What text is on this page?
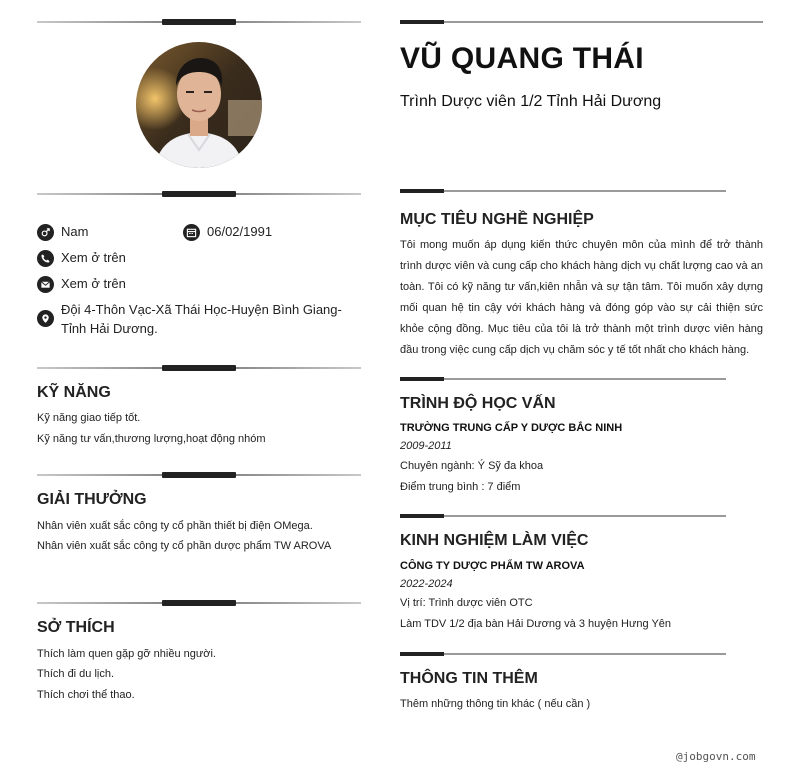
Nam	06/02/1991
Xem ở trên
Xem ở trên
Đội 4-Thôn Vạc-Xã Thái Học-Huyện Bình Giang-Tỉnh Hải Dương.
KỸ NĂNG
Kỹ năng giao tiếp tốt.
Kỹ năng tư vấn,thương lượng,hoạt động nhóm
GIẢI THƯỞNG
Nhân viên xuất sắc công ty cổ phần thiết bị điện OMega.
Nhân viên xuất sắc công ty cổ phần dược phẩm TW AROVA
SỞ THÍCH
Thích làm quen gặp gỡ nhiều người.
Thích đi du lịch.
Thích chơi thể thao.
VŨ QUANG THÁI
Trình Dược viên 1/2 Tỉnh Hải Dương
MỤC TIÊU NGHỀ NGHIỆP
Tôi mong muốn áp dụng kiến thức chuyên môn của mình để trở thành trình dược viên và cung cấp cho khách hàng dịch vụ chất lượng cao và an toàn. Tôi có kỹ năng tư vấn,kiên nhẫn và sự tận tâm. Tôi muốn xây dựng mối quan hệ tin cậy với khách hàng và đóng góp vào sự cải thiện sức khỏe cộng đồng. Mục tiêu của tôi là trở thành một trình dược viên hàng đầu trong việc cung cấp dịch vụ chăm sóc y tế tốt nhất cho khách hàng.
TRÌNH ĐỘ HỌC VẤN
TRƯỜNG TRUNG CẤP Y DƯỢC BẮC NINH
2009-2011
Chuyên ngành: Ý Sỹ đa khoa
Điểm trung bình : 7 điểm
KINH NGHIỆM LÀM VIỆC
CÔNG TY DƯỢC PHẨM TW AROVA
2022-2024
Vị trí: Trình dược viên OTC
Làm TDV 1/2 địa bàn Hải Dương và 3 huyện Hưng Yên
THÔNG TIN THÊM
Thêm những thông tin khác ( nếu cần )
@jobgovn.com
